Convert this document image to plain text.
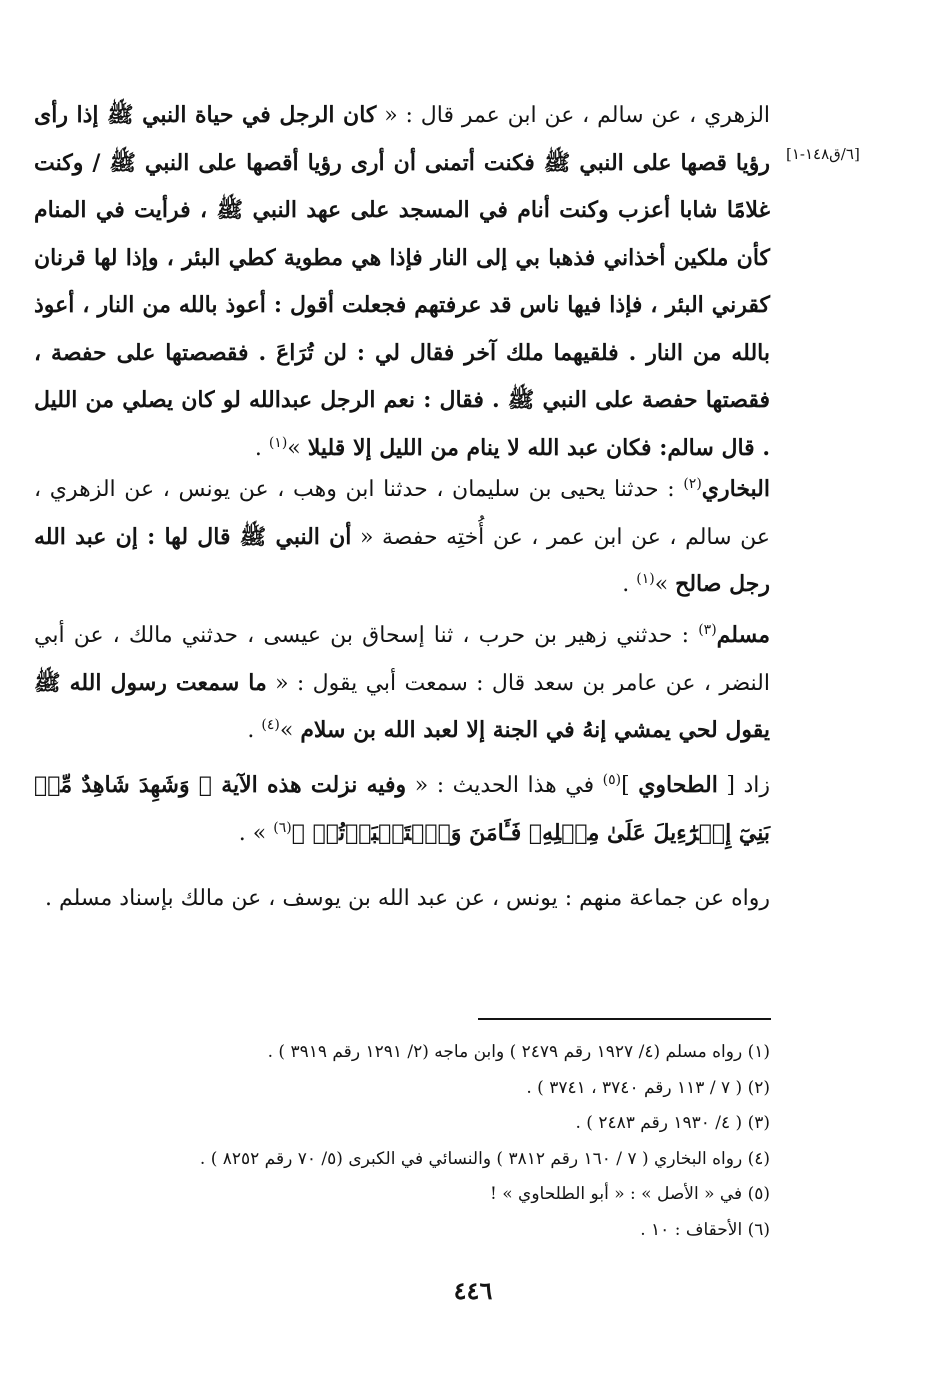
[٦/ق١٤٨-١]
الزهري ، عن سالم ، عن ابن عمر قال : « كان الرجل في حياة النبي ﷺ إذا رأى رؤيا قصها على النبي ﷺ فكنت أتمنى أن أرى رؤيا أقصها على النبي ﷺ / وكنت غلامًا شابا أعزب وكنت أنام في المسجد على عهد النبي ﷺ ، فرأيت في المنام كأن ملكين أخذاني فذهبا بي إلى النار فإذا هي مطوية كطي البئر ، وإذا لها قرنان كقرني البئر ، فإذا فيها ناس قد عرفتهم فجعلت أقول : أعوذ بالله من النار ، أعوذ بالله من النار . فلقيهما ملك آخر فقال لي : لن تُرَاعَ . فقصصتها على حفصة ، فقصتها حفصة على النبي ﷺ . فقال : نعم الرجل عبدالله لو كان يصلي من الليل . قال سالم: فكان عبد الله لا ينام من الليل إلا قليلا »$^{(١)}$ .
البخاري$^{(٢)}$ : حدثنا يحيى بن سليمان ، حدثنا ابن وهب ، عن يونس ، عن الزهري ، عن سالم ، عن ابن عمر ، عن أُختِه حفصة « أن النبي ﷺ قال لها : إن عبد الله رجل صالح »$^{(١)}$ .
مسلم$^{(٣)}$ : حدثني زهير بن حرب ، ثنا إسحاق بن عيسى ، حدثني مالك ، عن أبي النضر ، عن عامر بن سعد قال : سمعت أبي يقول : « ما سمعت رسول الله ﷺ يقول لحي يمشي إنهُ في الجنة إلا لعبد الله بن سلام »$^{(٤)}$ .
زاد [ الطحاوي ]$^{(٥)}$ في هذا الحديث : « وفيه نزلت هذه الآية ﴿ وَشَهِدَ شَاهِدٌ مِّنۢ بَنِيٓ إِسۡرَٰٓءِيلَ عَلَىٰ مِثۡلِهِۦ فَـَٔامَنَ وَٱسۡتَكۡبَرۡتُمۡ ﴾$^{(٦)}$ » .
رواه عن جماعة منهم : يونس ، عن عبد الله بن يوسف ، عن مالك بإسناد مسلم .
(١) رواه مسلم (٤/ ١٩٢٧ رقم ٢٤٧٩ ) وابن ماجه (٢/ ١٢٩١ رقم ٣٩١٩ ) .
(٢) ( ٧ / ١١٣ رقم ٣٧٤٠ ، ٣٧٤١ ) .
(٣) ( ٤/ ١٩٣٠ رقم ٢٤٨٣ ) .
(٤) رواه البخاري ( ٧ / ١٦٠ رقم ٣٨١٢ ) والنسائي في الكبرى (٥/ ٧٠ رقم ٨٢٥٢ ) .
(٥) في « الأصل » : « أبو الطلحاوي » !
(٦) الأحقاف : ١٠ .
٤٤٦
